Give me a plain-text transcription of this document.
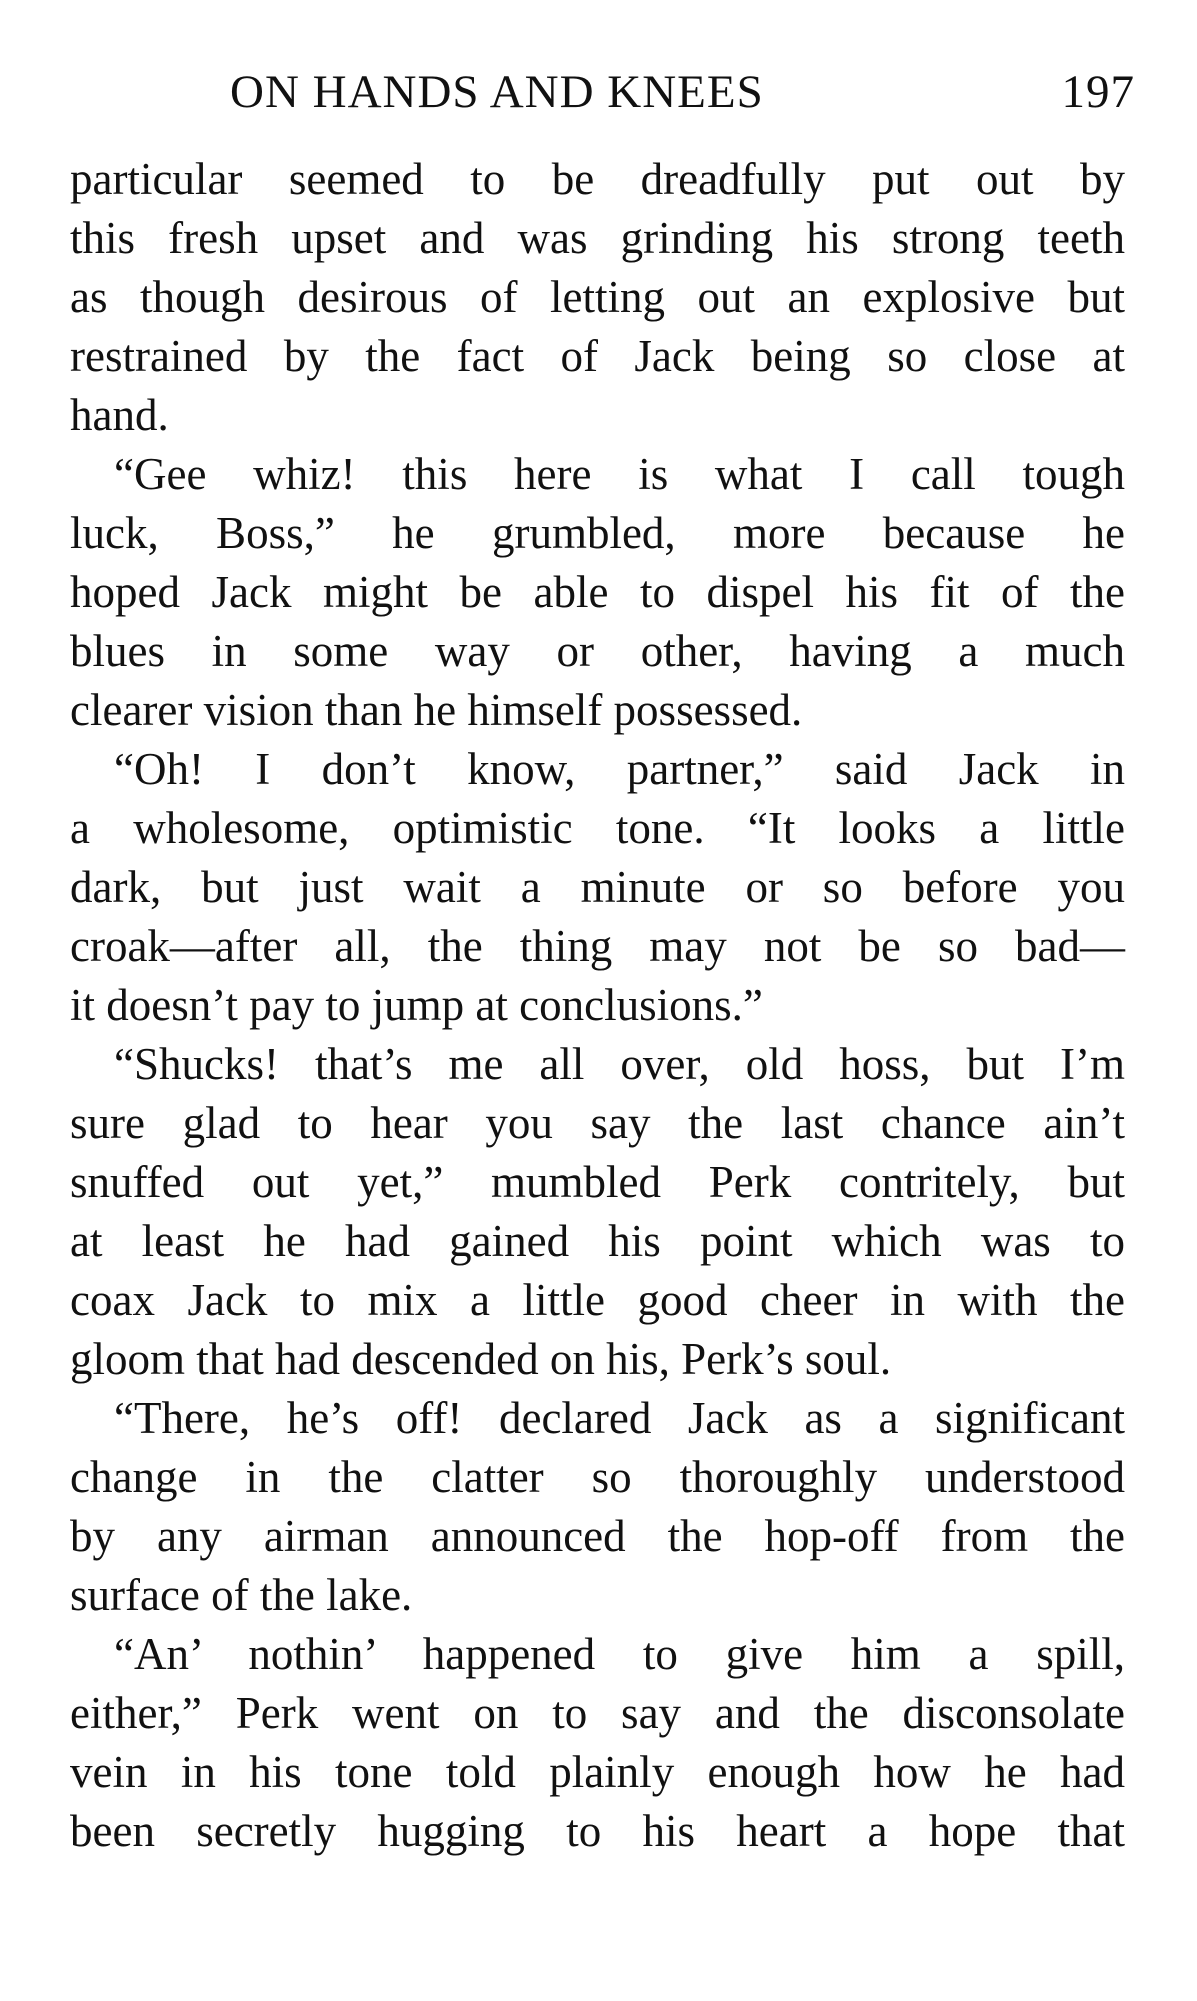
ON HANDS AND KNEES	197
particular seemed to be dreadfully put out by
this fresh upset and was grinding his strong teeth
as though desirous of letting out an explosive but
restrained by the fact of Jack being so close at
hand.
“Gee whiz! this here is what I call tough
luck, Boss,” he grumbled, more because he
hoped Jack might be able to dispel his fit of the
blues in some way or other, having a much
clearer vision than he himself possessed.
“Oh! I don’t know, partner,” said Jack in
a wholesome, optimistic tone. “It looks a little
dark, but just wait a minute or so before you
croak—after all, the thing may not be so bad—
it doesn’t pay to jump at conclusions.”
“Shucks! that’s me all over, old hoss, but I’m
sure glad to hear you say the last chance ain’t
snuffed out yet,” mumbled Perk contritely, but
at least he had gained his point which was to
coax Jack to mix a little good cheer in with the
gloom that had descended on his, Perk’s soul.
“There, he’s off! declared Jack as a significant
change in the clatter so thoroughly understood
by any airman announced the hop-off from the
surface of the lake.
“An’ nothin’ happened to give him a spill,
either,” Perk went on to say and the disconsolate
vein in his tone told plainly enough how he had
been secretly hugging to his heart a hope that
